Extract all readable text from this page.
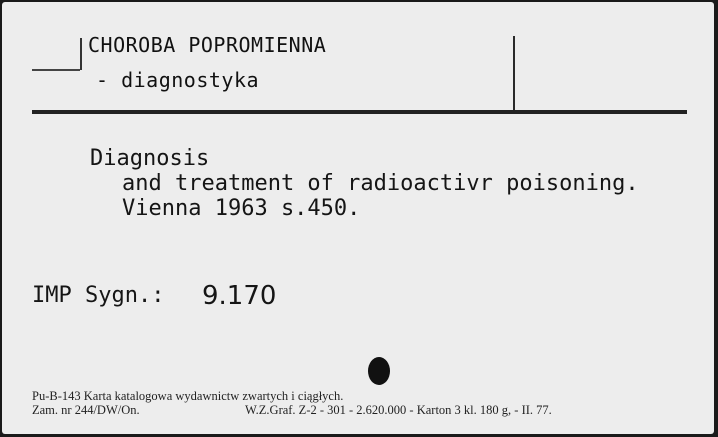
CHOROBA POPROMIENNA
- diagnostyka
Diagnosis
and treatment of radioactivr poisoning.
Vienna 1963 s.450.
IMP Sygn.: 9.170
Pu-B-143 Karta katalogowa wydawnictw zwartych i ciągłych.
Zam. nr 244/DW/On.	W.Z.Graf. Z-2 - 301 - 2.620.000 - Karton 3 kl. 180 g, - II. 77.
